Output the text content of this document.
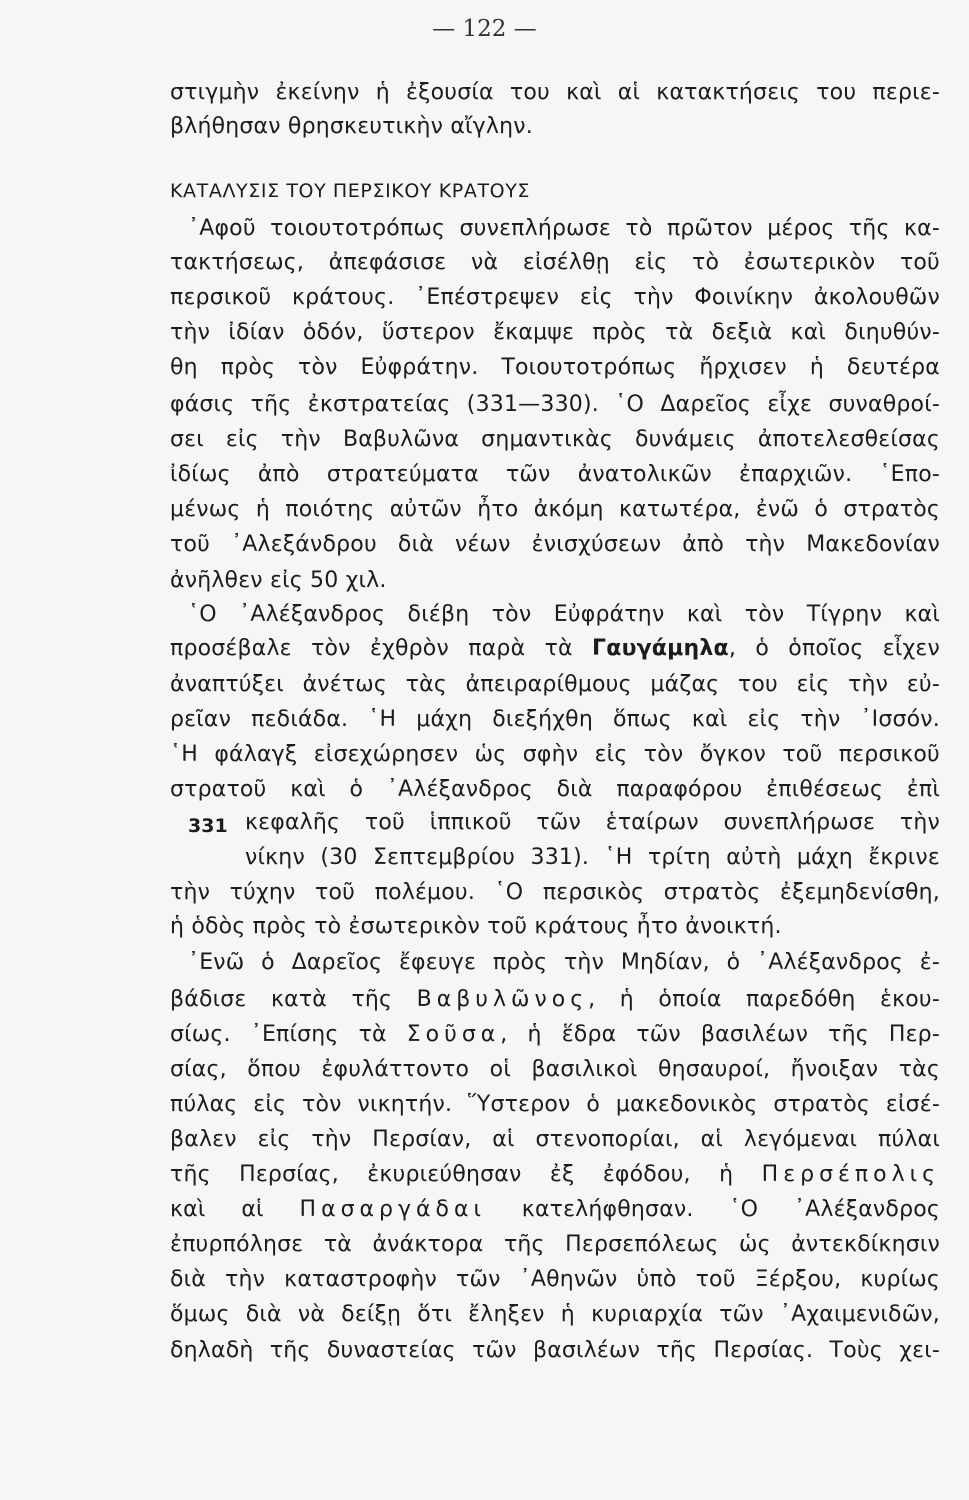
— 122 —
στιγμὴν ἐκείνην ἡ ἐξουσία του καὶ αἱ κατακτήσεις του περιε-
βλήθησαν θρησκευτικὴν αἴγλην.
ΚΑΤΑΛΥΣΙΣ ΤΟΥ ΠΕΡΣΙΚΟΥ ΚΡΑΤΟΥΣ
᾿Αφοῦ τοιουτοτρόπως συνεπλήρωσε τὸ πρῶτον μέρος τῆς κα-
τακτήσεως, ἀπεφάσισε νὰ εἰσέλθῃ εἰς τὸ ἐσωτερικὸν τοῦ
περσικοῦ κράτους. ᾿Επέστρεψεν εἰς τὴν Φοινίκην ἀκολουθῶν
τὴν ἰδίαν ὁδόν, ὕστερον ἔκαμψε πρὸς τὰ δεξιὰ καὶ διηυθύν-
θη πρὸς τὸν Εὐφράτην. Τοιουτοτρόπως ἤρχισεν ἡ δευτέρα
φάσις τῆς ἐκστρατείας (331—330). ῾Ο Δαρεῖος εἶχε συναθροί-
σει εἰς τὴν Βαβυλῶνα σημαντικὰς δυνάμεις ἀποτελεσθείσας
ἰδίως ἀπὸ στρατεύματα τῶν ἀνατολικῶν ἐπαρχιῶν. ῾Επο-
μένως ἡ ποιότης αὐτῶν ἦτο ἀκόμη κατωτέρα, ἐνῶ ὁ στρατὸς
τοῦ ᾿Αλεξάνδρου διὰ νέων ἐνισχύσεων ἀπὸ τὴν Μακεδονίαν
ἀνῆλθεν εἰς 50 χιλ.
῾Ο ᾿Αλέξανδρος διέβη τὸν Εὐφράτην καὶ τὸν Τίγρην καὶ
προσέβαλε τὸν ἐχθρὸν παρὰ τὰ Γαυγάμηλα, ὁ ὁποῖος εἶχεν
ἀναπτύξει ἀνέτως τὰς ἀπειραρίθμους μάζας του εἰς τὴν εὐ-
ρεῖαν πεδιάδα. ῾Η μάχη διεξήχθη ὅπως καὶ εἰς τὴν ᾿Ισσόν.
῾Η φάλαγξ εἰσεχώρησεν ὡς σφὴν εἰς τὸν ὄγκον τοῦ περσικοῦ
στρατοῦ καὶ ὁ ᾿Αλέξανδρος διὰ παραφόρου ἐπιθέσεως ἐπὶ
331 κεφαλῆς τοῦ ἱππικοῦ τῶν ἑταίρων συνεπλήρωσε τὴν
νίκην (30 Σεπτεμβρίου 331). ῾Η τρίτη αὐτὴ μάχη ἔκρινε
τὴν τύχην τοῦ πολέμου. ῾Ο περσικὸς στρατὸς ἐξεμηδενίσθη,
ἡ ὁδὸς πρὸς τὸ ἐσωτερικὸν τοῦ κράτους ἦτο ἀνοικτή.
᾿Ενῶ ὁ Δαρεῖος ἔφευγε πρὸς τὴν Μηδίαν, ὁ ᾿Αλέξανδρος ἐ-
βάδισε κατὰ τῆς Βαβυλῶνος, ἡ ὁποία παρεδόθη ἑκου-
σίως. ᾿Επίσης τὰ Σοῦσα, ἡ ἕδρα τῶν βασιλέων τῆς Περ-
σίας, ὅπου ἐφυλάττοντο οἱ βασιλικοὶ θησαυροί, ἤνοιξαν τὰς
πύλας εἰς τὸν νικητήν. Ὕστερον ὁ μακεδονικὸς στρατὸς εἰσέ-
βαλεν εἰς τὴν Περσίαν, αἱ στενοπορίαι, αἱ λεγόμεναι πύλαι
τῆς Περσίας, ἐκυριεύθησαν ἐξ ἐφόδου, ἡ Περσέπολις
καὶ αἱ Πασαργάδαι κατελήφθησαν. ῾Ο ᾿Αλέξανδρος
ἐπυρπόλησε τὰ ἀνάκτορα τῆς Περσεπόλεως ὡς ἀντεκδίκησιν
διὰ τὴν καταστροφὴν τῶν ᾿Αθηνῶν ὑπὸ τοῦ Ξέρξου, κυρίως
ὅμως διὰ νὰ δείξῃ ὅτι ἔληξεν ἡ κυριαρχία τῶν ᾿Αχαιμενιδῶν,
δηλαδὴ τῆς δυναστείας τῶν βασιλέων τῆς Περσίας. Τοὺς χει-
